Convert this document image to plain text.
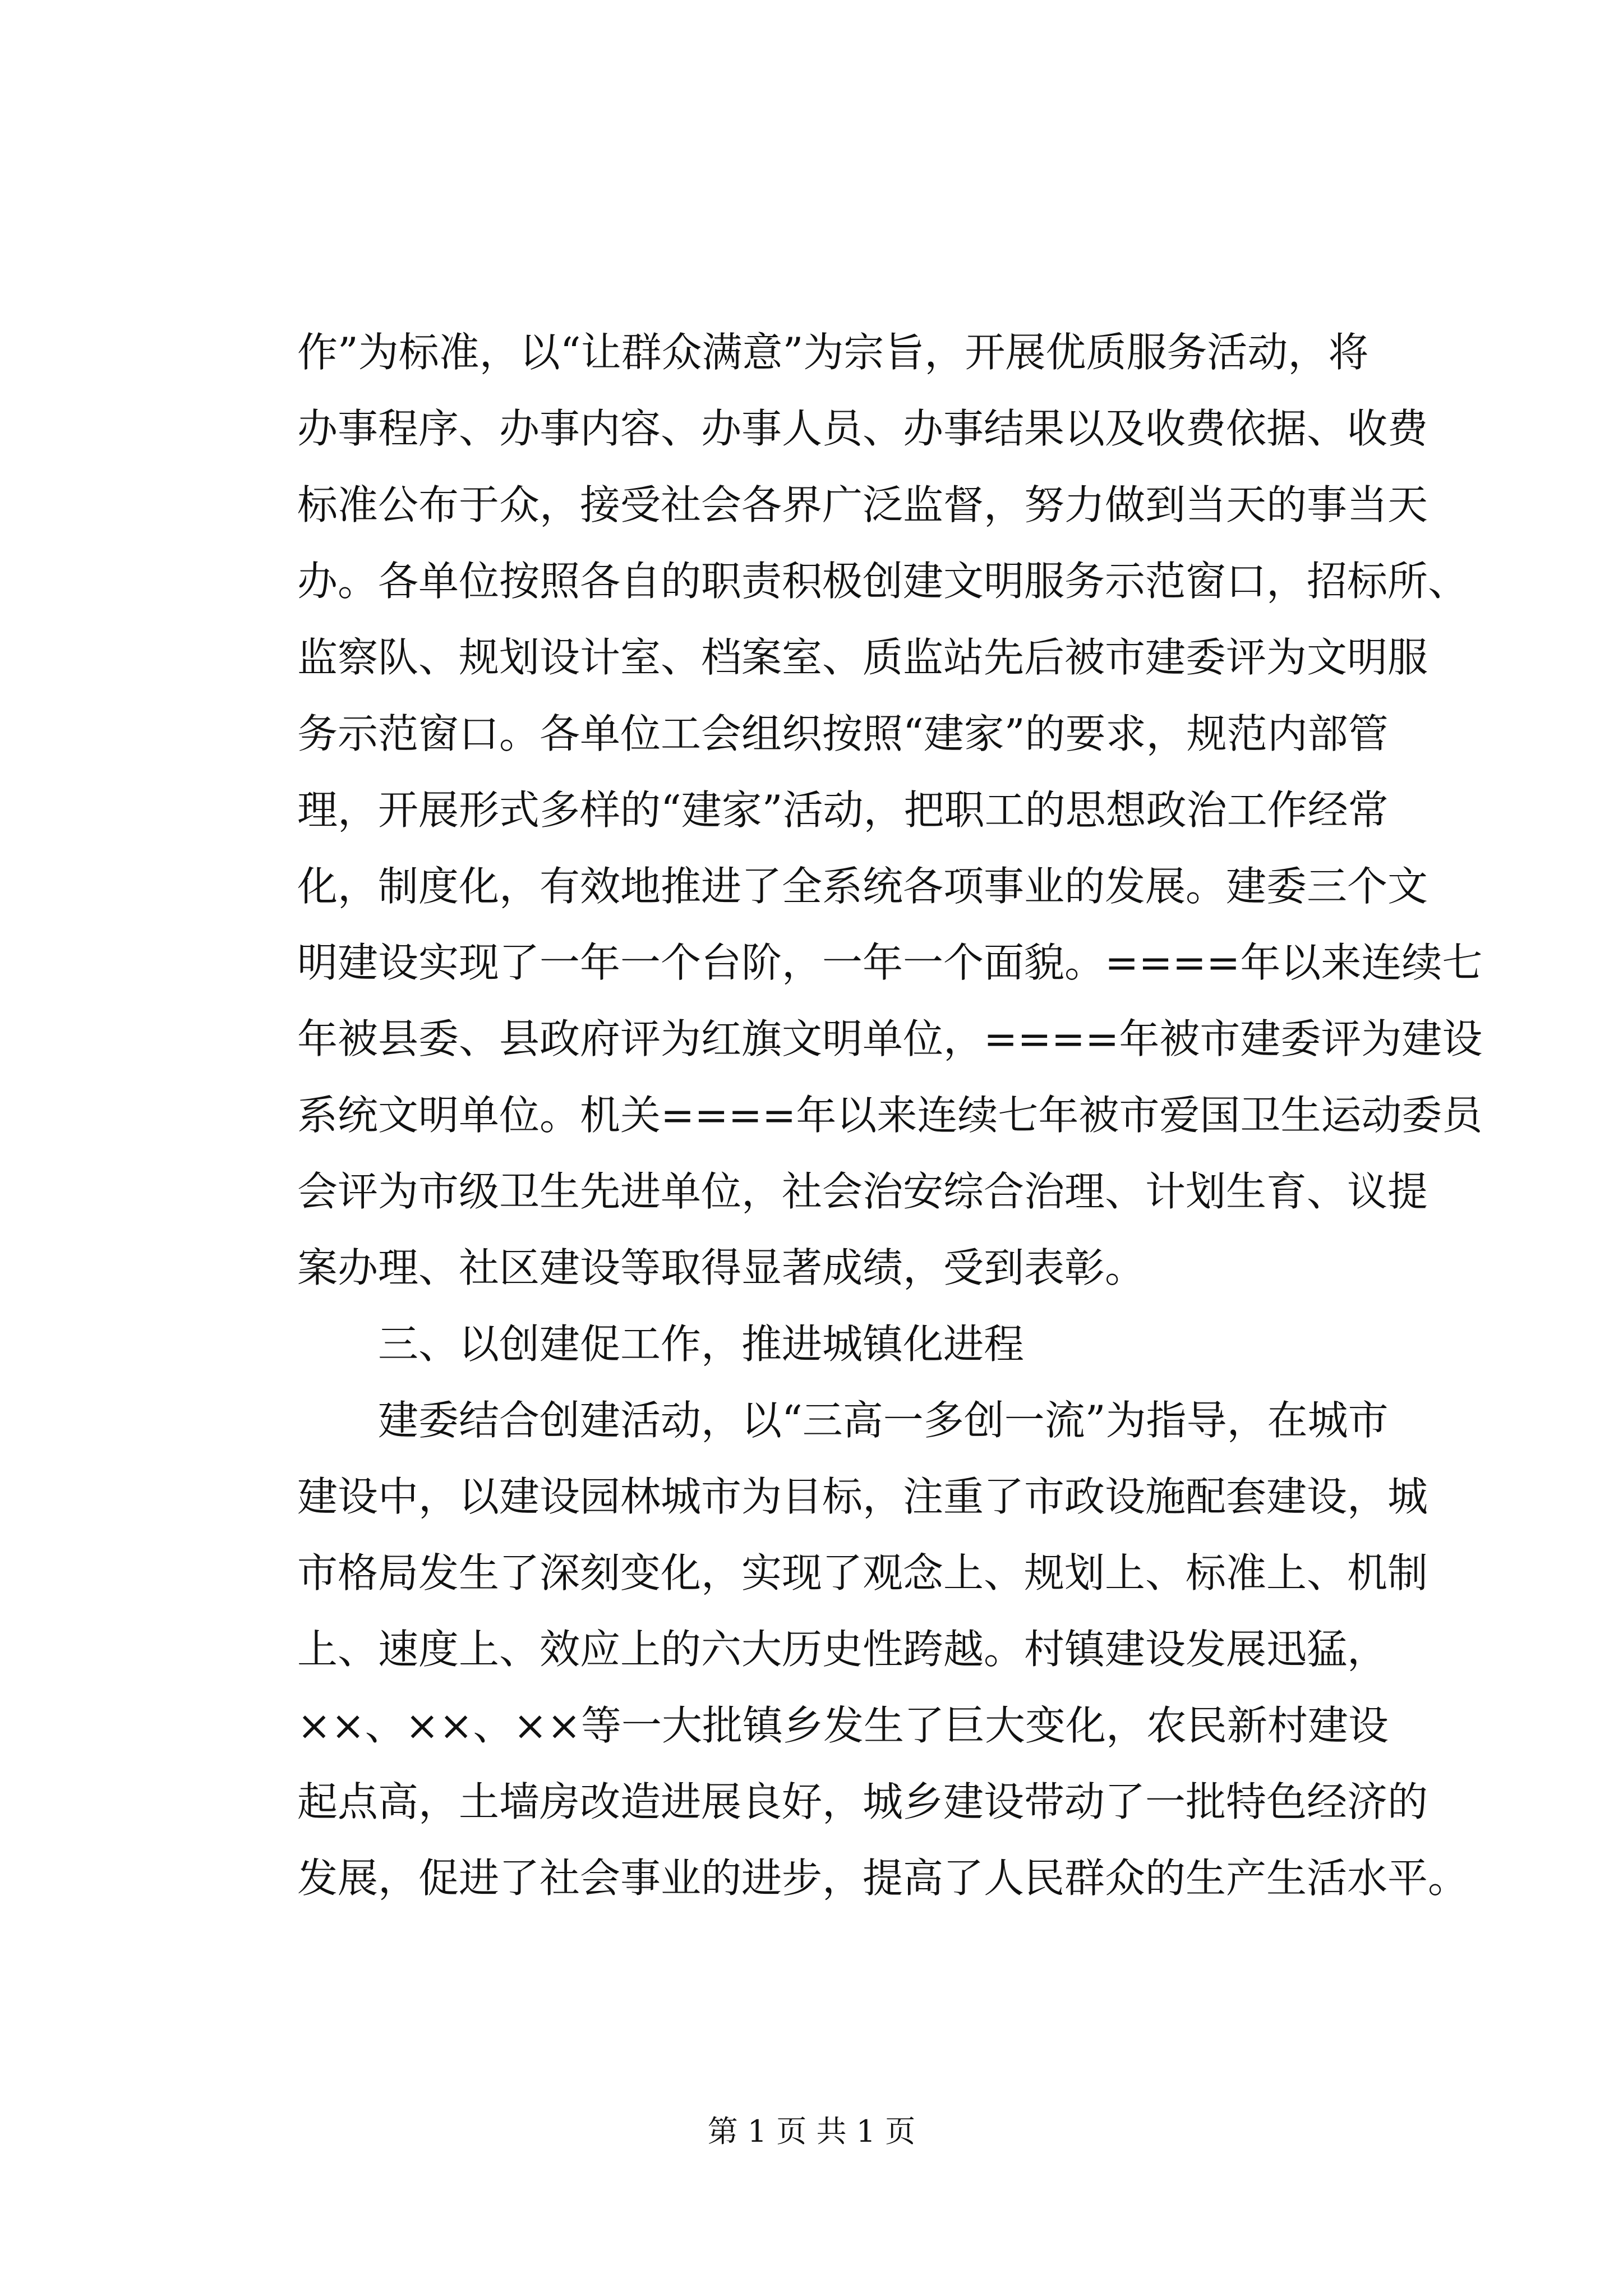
作”为标准，以“让群众满意”为宗旨，开展优质服务活动，将
办事程序、办事内容、办事人员、办事结果以及收费依据、收费
标准公布于众，接受社会各界广泛监督，努力做到当天的事当天
办。各单位按照各自的职责积极创建文明服务示范窗口，招标所、
监察队、规划设计室、档案室、质监站先后被市建委评为文明服
务示范窗口。各单位工会组织按照“建家”的要求，规范内部管
理，开展形式多样的“建家”活动，把职工的思想政治工作经常
化，制度化，有效地推进了全系统各项事业的发展。建委三个文
明建设实现了一年一个台阶，一年一个面貌。====年以来连续七
年被县委、县政府评为红旗文明单位，====年被市建委评为建设
系统文明单位。机关====年以来连续七年被市爱国卫生运动委员
会评为市级卫生先进单位，社会治安综合治理、计划生育、议提
案办理、社区建设等取得显著成绩，受到表彰。
三、以创建促工作，推进城镇化进程
建委结合创建活动，以“三高一多创一流”为指导，在城市
建设中，以建设园林城市为目标，注重了市政设施配套建设，城
市格局发生了深刻变化，实现了观念上、规划上、标准上、机制
上、速度上、效应上的六大历史性跨越。村镇建设发展迅猛，
××、××、××等一大批镇乡发生了巨大变化，农民新村建设
起点高，土墙房改造进展良好，城乡建设带动了一批特色经济的
发展，促进了社会事业的进步，提高了人民群众的生产生活水平。
第 1 页 共 1 页
